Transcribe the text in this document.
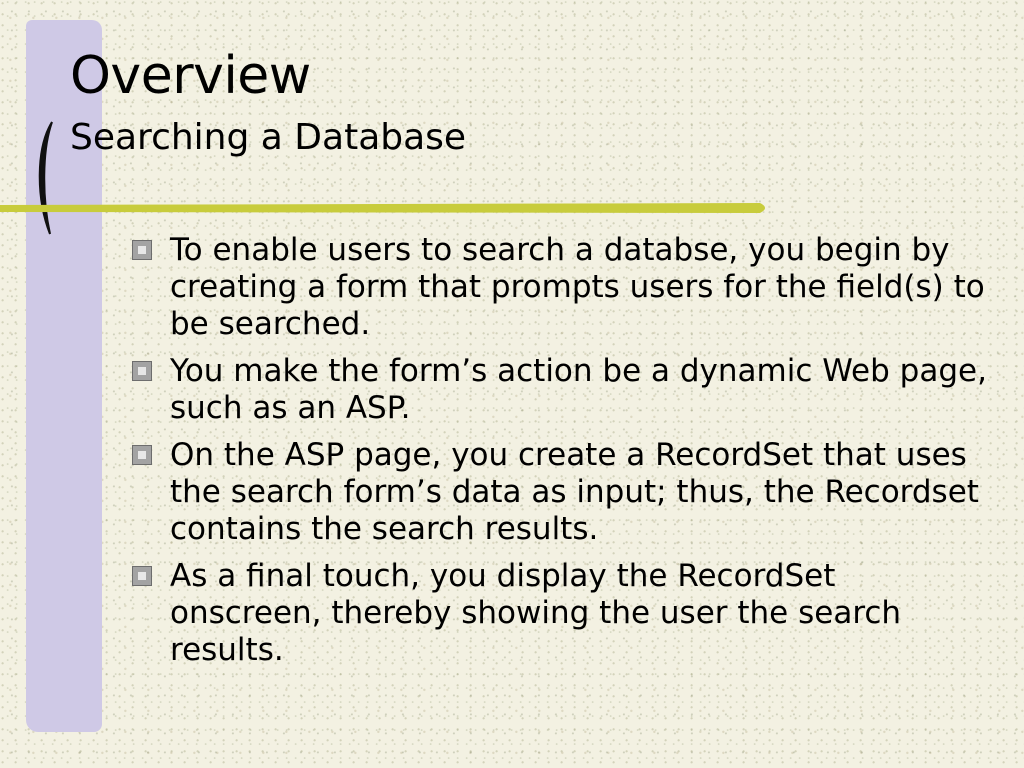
Overview
Searching a Database
To enable users to search a databse, you begin by creating a form that prompts users for the field(s) to be searched.
You make the form’s action be a dynamic Web page, such as an ASP.
On the ASP page, you create a RecordSet that uses the search form’s data as input; thus, the Recordset contains the search results.
As a final touch, you display the RecordSet onscreen, thereby showing the user the search results.
